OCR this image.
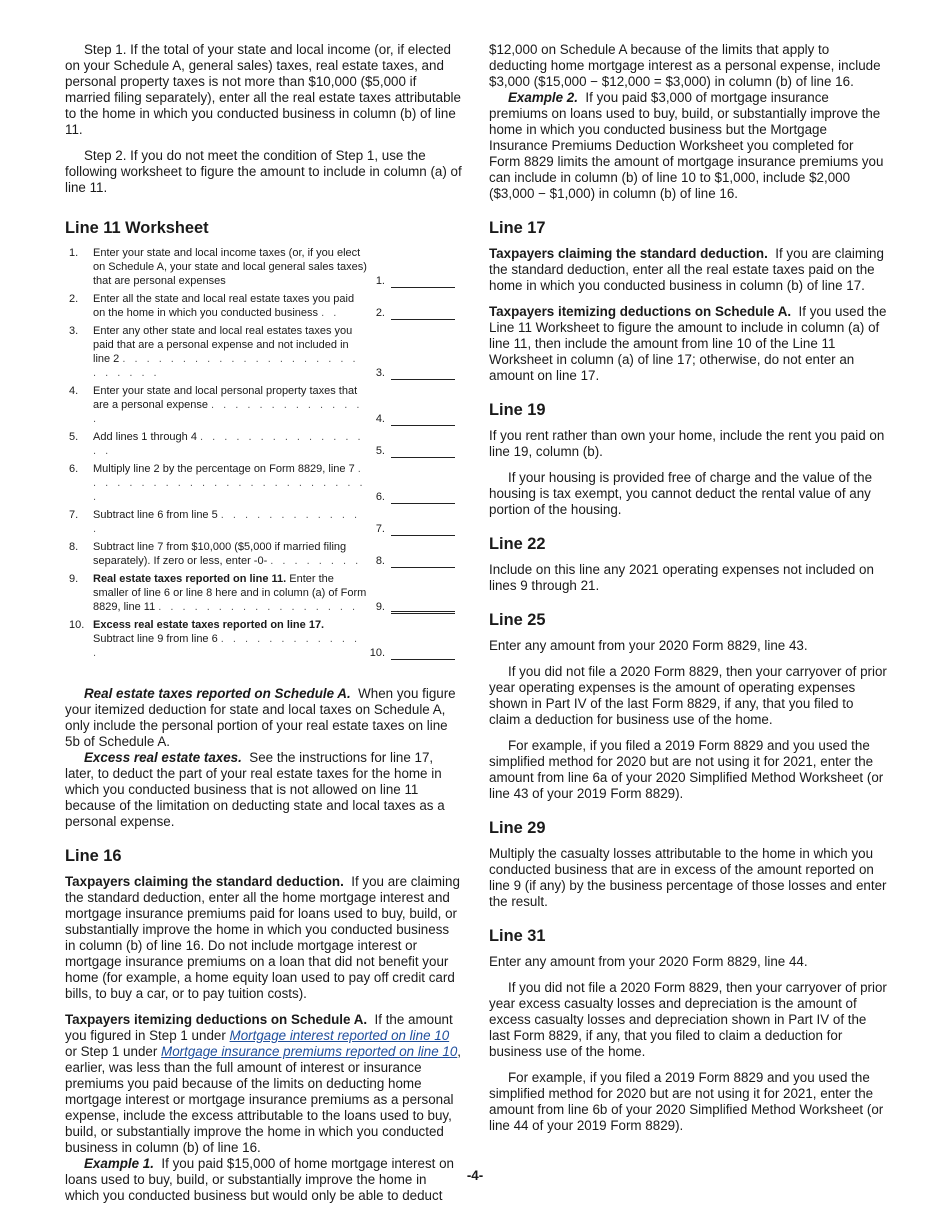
Step 1. If the total of your state and local income (or, if elected on your Schedule A, general sales) taxes, real estate taxes, and personal property taxes is not more than $10,000 ($5,000 if married filing separately), enter all the real estate taxes attributable to the home in which you conducted business in column (b) of line 11.

Step 2. If you do not meet the condition of Step 1, use the following worksheet to figure the amount to include in column (a) of line 11.

Line 11 Worksheet
1.	Enter your state and local income taxes (or, if you elect on Schedule A, your state and local general sales taxes) that are personal expenses	1.
2.	Enter all the state and local real estate taxes you paid on the home in which you conducted business . .	2.
3.	Enter any other state and local real estates taxes you paid that are a personal expense and not included in line 2 . . . . . . . . . . . . . . . . . . . . . . . . . .	3.
4.	Enter your state and local personal property taxes that are a personal expense . . . . . . . . . . . . . .	4.
5.	Add lines 1 through 4 . . . . . . . . . . . . . . . .	5.
6.	Multiply line 2 by the percentage on Form 8829, line 7 . . . . . . . . . . . . . . . . . . . . . . . . .	6.
7.	Subtract line 6 from line 5 . . . . . . . . . . . . .	7.
8.	Subtract line 7 from $10,000 ($5,000 if married filing separately). If zero or less, enter -0- . . . . . . . .	8.
9.	Real estate taxes reported on line 11. Enter the smaller of line 6 or line 8 here and in column (a) of Form 8829, line 11 . . . . . . . . . . . . . . . . .	9.
10. Excess real estate taxes reported on line 17. Subtract line 9 from line 6 . . . . . . . . . . . . .	10.

Real estate taxes reported on Schedule A. When you figure your itemized deduction for state and local taxes on Schedule A, only include the personal portion of your real estate taxes on line 5b of Schedule A.

Excess real estate taxes. See the instructions for line 17, later, to deduct the part of your real estate taxes for the home in which you conducted business that is not allowed on line 11 because of the limitation on deducting state and local taxes as a personal expense.

Line 16

Taxpayers claiming the standard deduction. If you are claiming the standard deduction, enter all the home mortgage interest and mortgage insurance premiums paid for loans used to buy, build, or substantially improve the home in which you conducted business in column (b) of line 16. Do not include mortgage interest or mortgage insurance premiums on a loan that did not benefit your home (for example, a home equity loan used to pay off credit card bills, to buy a car, or to pay tuition costs).

Taxpayers itemizing deductions on Schedule A. If the amount you figured in Step 1 under Mortgage interest reported on line 10 or Step 1 under Mortgage insurance premiums reported on line 10, earlier, was less than the full amount of interest or insurance premiums you paid because of the limits on deducting home mortgage interest or mortgage insurance premiums as a personal expense, include the excess attributable to the loans used to buy, build, or substantially improve the home in which you conducted business in column (b) of line 16.

Example 1. If you paid $15,000 of home mortgage interest on loans used to buy, build, or substantially improve the home in which you conducted business but would only be able to deduct

$12,000 on Schedule A because of the limits that apply to deducting home mortgage interest as a personal expense, include $3,000 ($15,000 − $12,000 = $3,000) in column (b) of line 16.

Example 2. If you paid $3,000 of mortgage insurance premiums on loans used to buy, build, or substantially improve the home in which you conducted business but the Mortgage Insurance Premiums Deduction Worksheet you completed for Form 8829 limits the amount of mortgage insurance premiums you can include in column (b) of line 10 to $1,000, include $2,000 ($3,000 − $1,000) in column (b) of line 16.

Line 17

Taxpayers claiming the standard deduction. If you are claiming the standard deduction, enter all the real estate taxes paid on the home in which you conducted business in column (b) of line 17.

Taxpayers itemizing deductions on Schedule A. If you used the Line 11 Worksheet to figure the amount to include in column (a) of line 11, then include the amount from line 10 of the Line 11 Worksheet in column (a) of line 17; otherwise, do not enter an amount on line 17.

Line 19

If you rent rather than own your home, include the rent you paid on line 19, column (b).

If your housing is provided free of charge and the value of the housing is tax exempt, you cannot deduct the rental value of any portion of the housing.

Line 22

Include on this line any 2021 operating expenses not included on lines 9 through 21.

Line 25

Enter any amount from your 2020 Form 8829, line 43.

If you did not file a 2020 Form 8829, then your carryover of prior year operating expenses is the amount of operating expenses shown in Part IV of the last Form 8829, if any, that you filed to claim a deduction for business use of the home.

For example, if you filed a 2019 Form 8829 and you used the simplified method for 2020 but are not using it for 2021, enter the amount from line 6a of your 2020 Simplified Method Worksheet (or line 43 of your 2019 Form 8829).

Line 29

Multiply the casualty losses attributable to the home in which you conducted business that are in excess of the amount reported on line 9 (if any) by the business percentage of those losses and enter the result.

Line 31

Enter any amount from your 2020 Form 8829, line 44.

If you did not file a 2020 Form 8829, then your carryover of prior year excess casualty losses and depreciation is the amount of excess casualty losses and depreciation shown in Part IV of the last Form 8829, if any, that you filed to claim a deduction for business use of the home.

For example, if you filed a 2019 Form 8829 and you used the simplified method for 2020 but are not using it for 2021, enter the amount from line 6b of your 2020 Simplified Method Worksheet (or line 44 of your 2019 Form 8829).

-4-
